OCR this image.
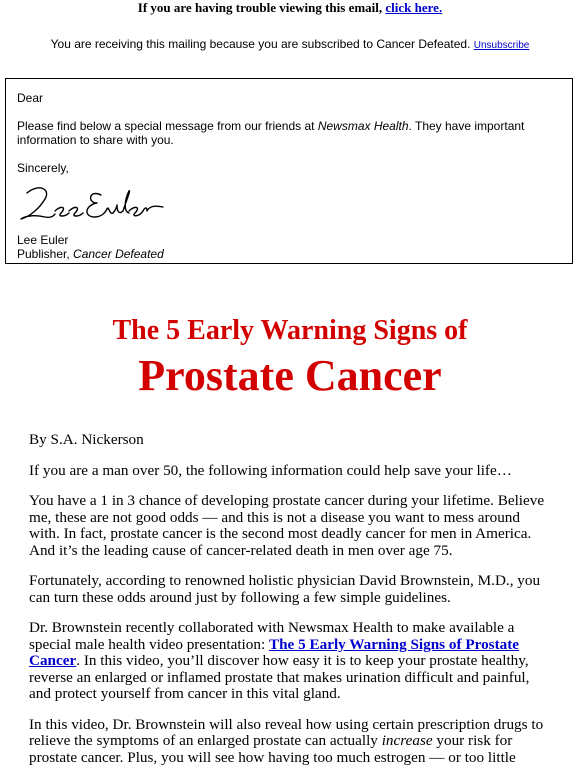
If you are having trouble viewing this email, click here.
You are receiving this mailing because you are subscribed to Cancer Defeated. Unsubscribe

Dear

Please find below a special message from our friends at Newsmax Health. They have important information to share with you.

Sincerely,

Lee Euler

Publisher, Cancer Defeated

The 5 Early Warning Signs of
Prostate Cancer

By S.A. Nickerson

If you are a man over 50, the following information could help save your life…

You have a 1 in 3 chance of developing prostate cancer during your lifetime. Believe me, these are not good odds — and this is not a disease you want to mess around with. In fact, prostate cancer is the second most deadly cancer for men in America. And it’s the leading cause of cancer-related death in men over age 75.

Fortunately, according to renowned holistic physician David Brownstein, M.D., you can turn these odds around just by following a few simple guidelines.

Dr. Brownstein recently collaborated with Newsmax Health to make available a special male health video presentation: The 5 Early Warning Signs of Prostate Cancer. In this video, you’ll discover how easy it is to keep your prostate healthy, reverse an enlarged or inflamed prostate that makes urination difficult and painful, and protect yourself from cancer in this vital gland.

In this video, Dr. Brownstein will also reveal how using certain prescription drugs to relieve the symptoms of an enlarged prostate can actually increase your risk for prostate cancer. Plus, you will see how having too much estrogen — or too little
